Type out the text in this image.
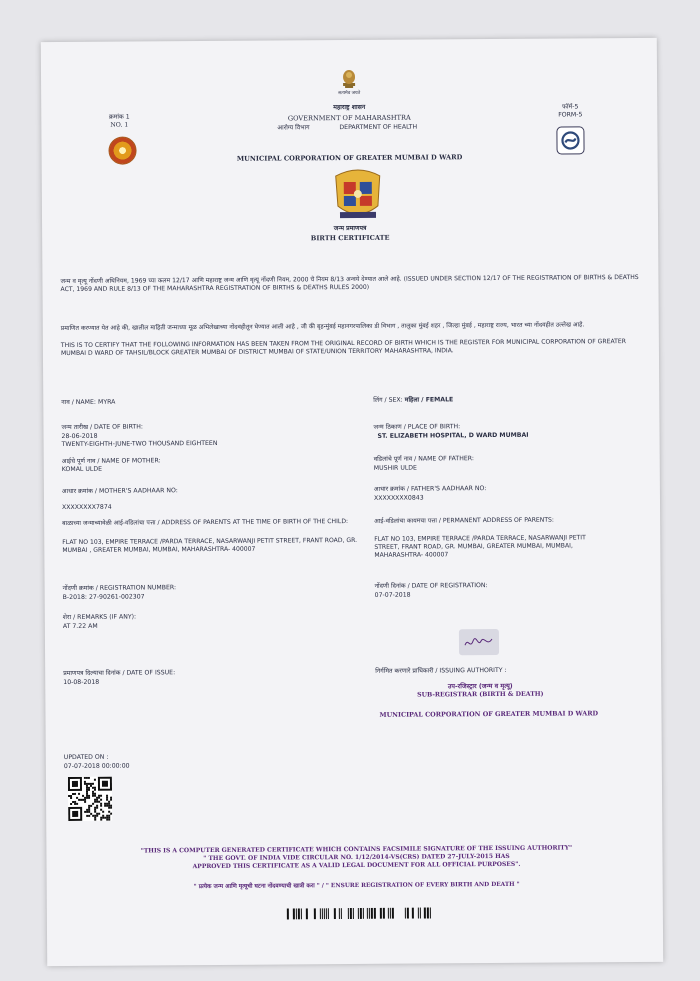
क्रमांक 1
NO. 1
फॉर्म-5
FORM-5
सत्यमेव जयते
महाराष्ट्र शासन
GOVERNMENT OF MAHARASHTRA
आरोग्य विभाग	DEPARTMENT OF HEALTH
MUNICIPAL CORPORATION OF GREATER MUMBAI D WARD
जन्म प्रमाणपत्र
BIRTH CERTIFICATE
जन्म व मृत्यू नोंदणी अधिनियम, 1969 च्या कलम 12/17 आणि महाराष्ट्र जन्म आणि मृत्यू नोंदणी नियम, 2000 चे नियम 8/13 अन्वये देण्यात आले आहे. (ISSUED UNDER SECTION 12/17 OF THE REGISTRATION OF BIRTHS & DEATHS ACT, 1969 AND RULE 8/13 OF THE MAHARASHTRA REGISTRATION OF BIRTHS & DEATHS RULES 2000)
प्रमाणित करण्यात येत आहे की, खालील माहिती जन्माच्या मूळ अभिलेखाच्या नोंदवहीतून घेण्यात आली आहे , जी की बृहन्मुंबई महानगरपालिका डी विभाग , तालुका मुंबई शहर , जिल्हा मुंबई , महाराष्ट्र राज्य, भारत च्या नोंदवहीत उल्लेख आहे.
THIS IS TO CERTIFY THAT THE FOLLOWING INFORMATION HAS BEEN TAKEN FROM THE ORIGINAL RECORD OF BIRTH WHICH IS THE REGISTER FOR MUNICIPAL CORPORATION OF GREATER MUMBAI D WARD OF TAHSIL/BLOCK GREATER MUMBAI OF DISTRICT MUMBAI OF STATE/UNION TERRITORY MAHARASHTRA, INDIA.
नाव / NAME: MYRA	लिंग / SEX: महिला / FEMALE
जन्म तारीख / DATE OF BIRTH:
28-06-2018
TWENTY-EIGHTH-JUNE-TWO THOUSAND EIGHTEEN
जन्म ठिकाण / PLACE OF BIRTH:
ST. ELIZABETH HOSPITAL, D WARD MUMBAI
आईचे पूर्ण नाव / NAME OF MOTHER:
KOMAL ULDE
वडिलांचे पूर्ण नाव / NAME OF FATHER:
MUSHIR ULDE
आधार क्रमांक / MOTHER'S AADHAAR NO:
XXXXXXXX7874
आधार क्रमांक / FATHER'S AADHAAR NO:
XXXXXXXX0843
बाळाच्या जन्माच्यावेळी आई-वडिलांचा पत्ता / ADDRESS OF PARENTS AT THE TIME OF BIRTH OF THE CHILD:
FLAT NO 103, EMPIRE TERRACE /PARDA TERRACE, NASARWANJI PETIT STREET, FRANT ROAD, GR. MUMBAI , GREATER MUMBAI, MUMBAI, MAHARASHTRA- 400007
आई-वडिलांचा कायमचा पत्ता / PERMANENT ADDRESS OF PARENTS:
FLAT NO 103, EMPIRE TERRACE /PARDA TERRACE, NASARWANJI PETIT STREET, FRANT ROAD, GR. MUMBAI, GREATER MUMBAI, MUMBAI, MAHARASHTRA- 400007
नोंदणी क्रमांक / REGISTRATION NUMBER:
B-2018: 27-90261-002307
नोंदणी दिनांक / DATE OF REGISTRATION:
07-07-2018
शेरा / REMARKS (IF ANY):
AT 7.22 AM
प्रमाणपत्र दिल्याचा दिनांक / DATE OF ISSUE:
10-08-2018
निर्गमित करणारे प्राधिकारी / ISSUING AUTHORITY :
उप-रजिस्ट्रार (जन्म व मृत्यू)
SUB-REGISTRAR (BIRTH & DEATH)
MUNICIPAL CORPORATION OF GREATER MUMBAI D WARD
UPDATED ON :
07-07-2018 00:00:00
"THIS IS A COMPUTER GENERATED CERTIFICATE WHICH CONTAINS FACSIMILE SIGNATURE OF THE ISSUING AUTHORITY"
" THE GOVT. OF INDIA VIDE CIRCULAR NO. 1/12/2014-VS(CRS) DATED 27-JULY-2015 HAS
APPROVED THIS CERTIFICATE AS A VALID LEGAL DOCUMENT FOR ALL OFFICIAL PURPOSES".
" प्रत्येक जन्म आणि मृत्यूची घटना नोंदवण्याची खात्री करा " / " ENSURE REGISTRATION OF EVERY BIRTH AND DEATH "
